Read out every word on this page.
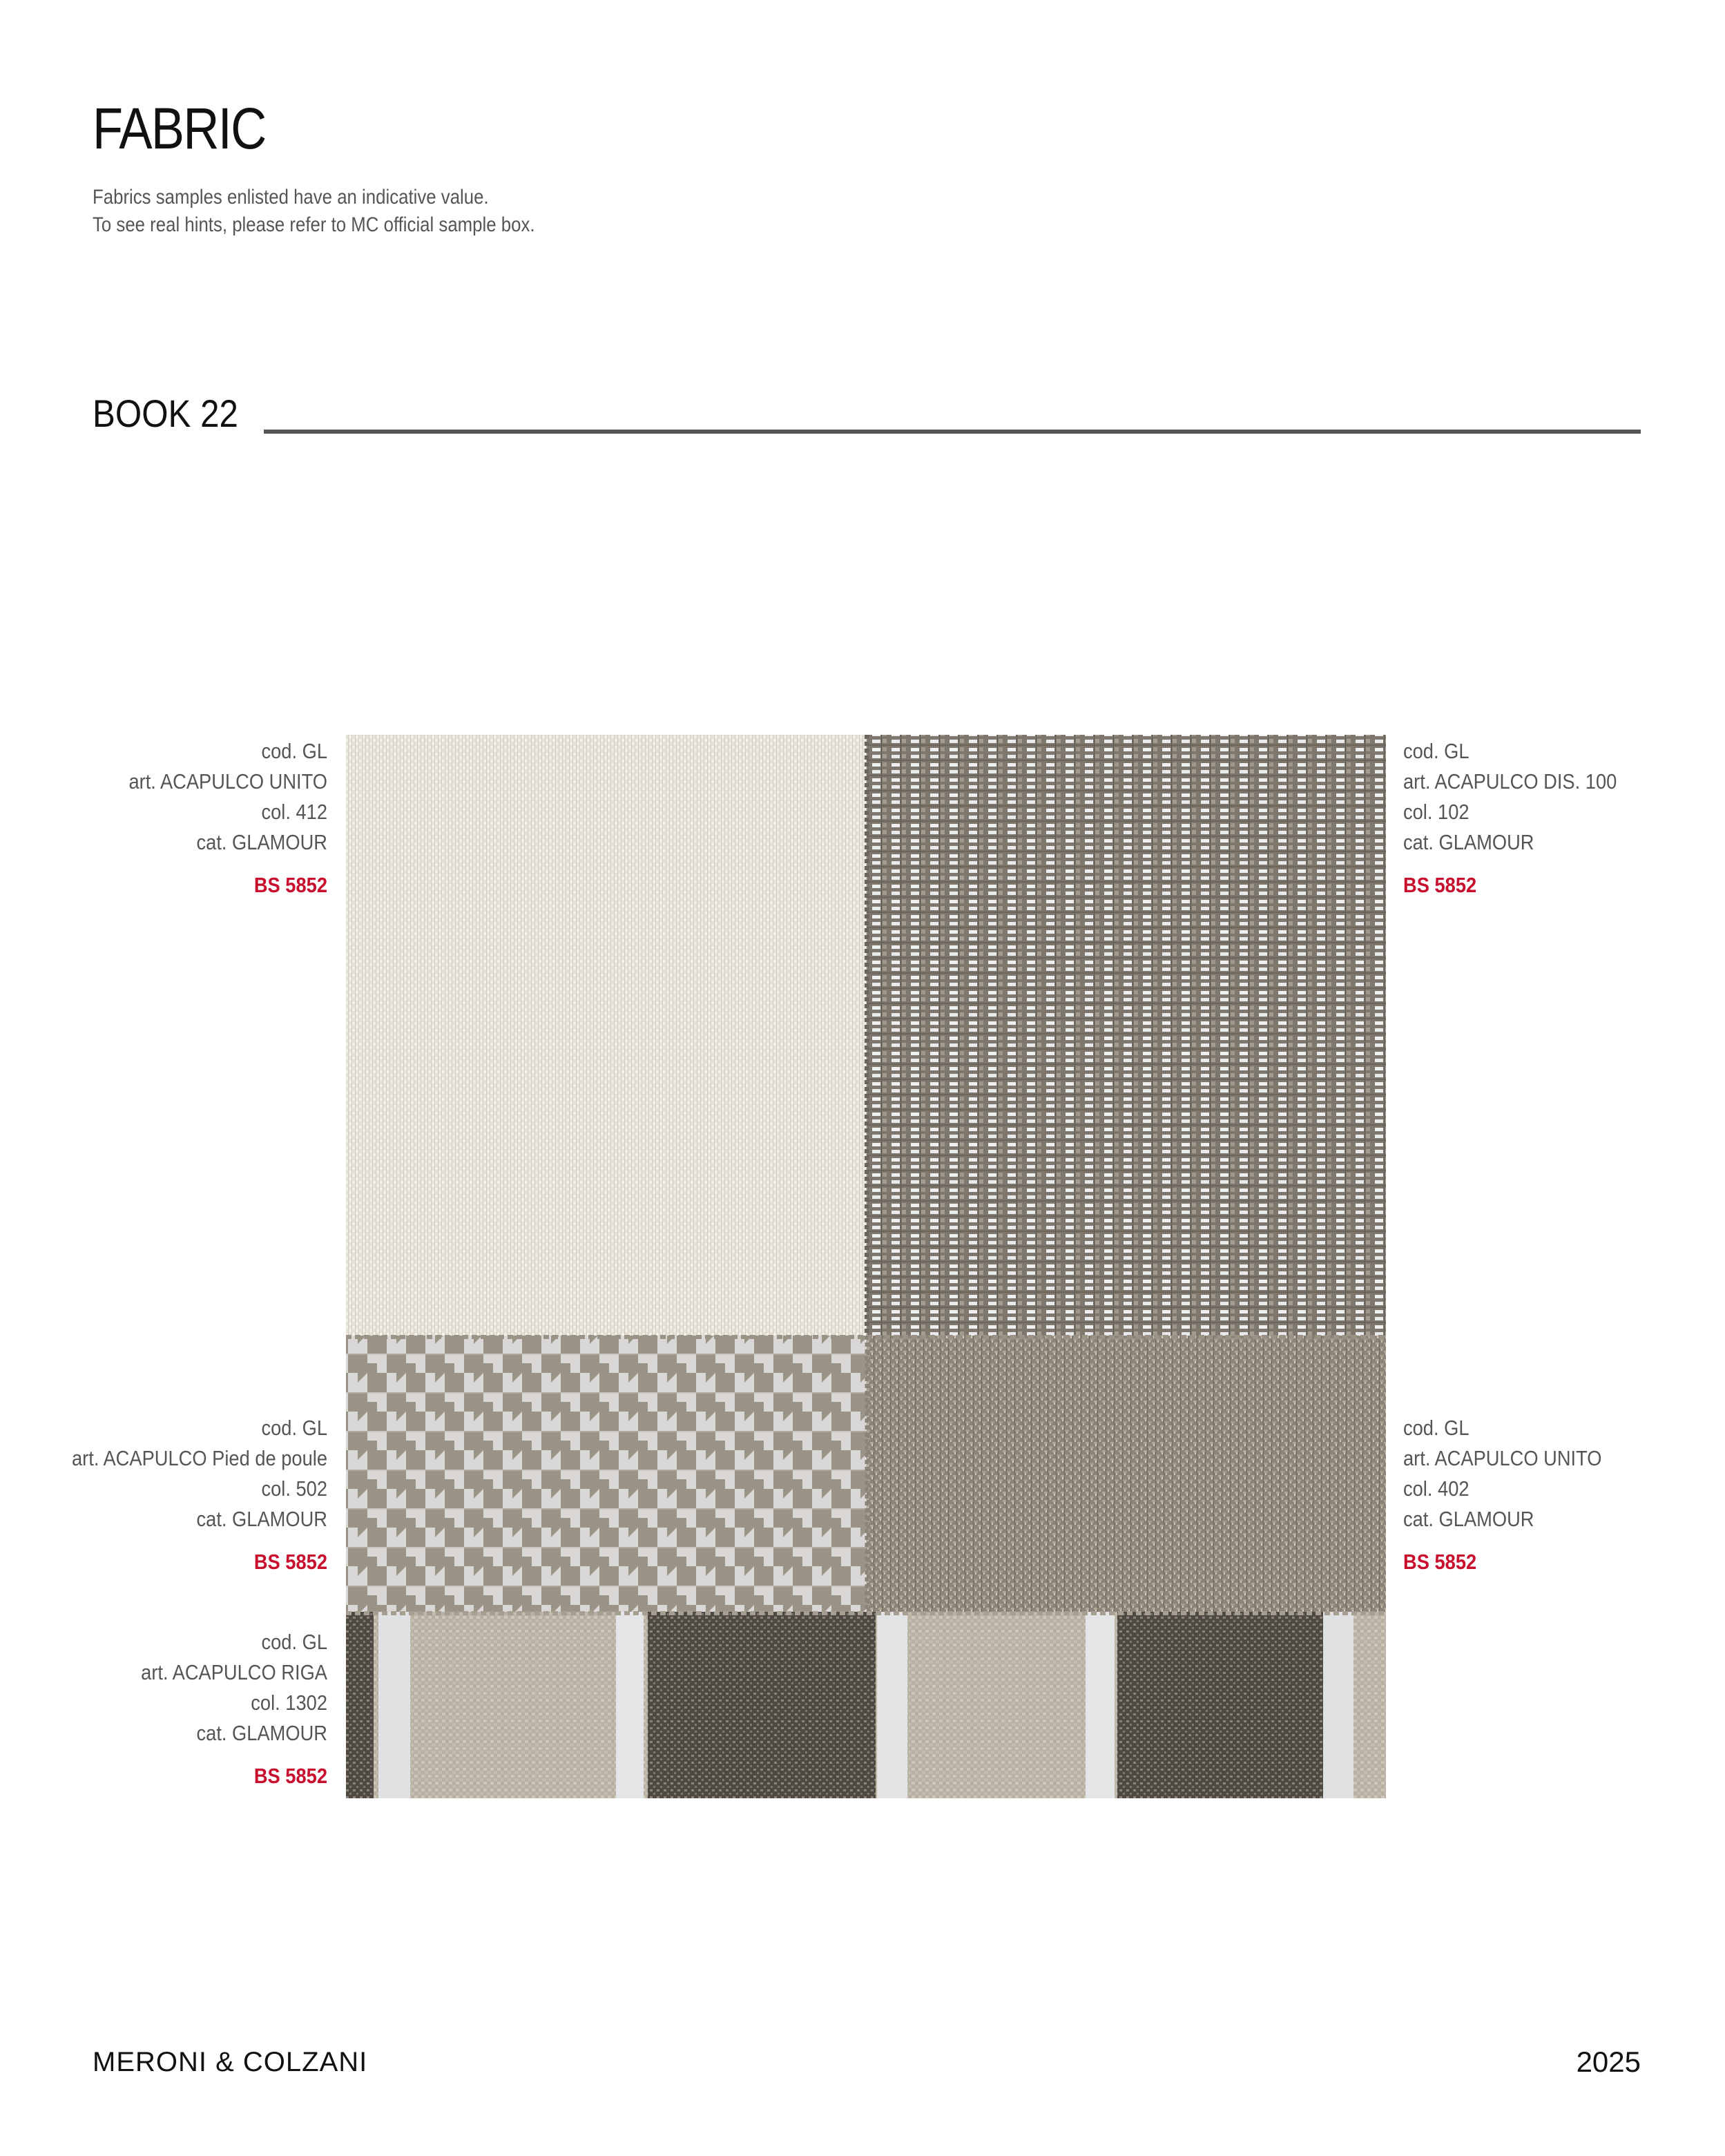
FABRIC
Fabrics samples enlisted have an indicative value.
To see real hints, please refer to MC official sample box.
BOOK 22
cod. GL
art. ACAPULCO UNITO
col. 412
cat. GLAMOUR
BS 5852
cod. GL
art. ACAPULCO DIS. 100
col. 102
cat. GLAMOUR
BS 5852
cod. GL
art. ACAPULCO Pied de poule
col. 502
cat. GLAMOUR
BS 5852
cod. GL
art. ACAPULCO UNITO
col. 402
cat. GLAMOUR
BS 5852
cod. GL
art. ACAPULCO RIGA
col. 1302
cat. GLAMOUR
BS 5852
MERONI & COLZANI	2025
